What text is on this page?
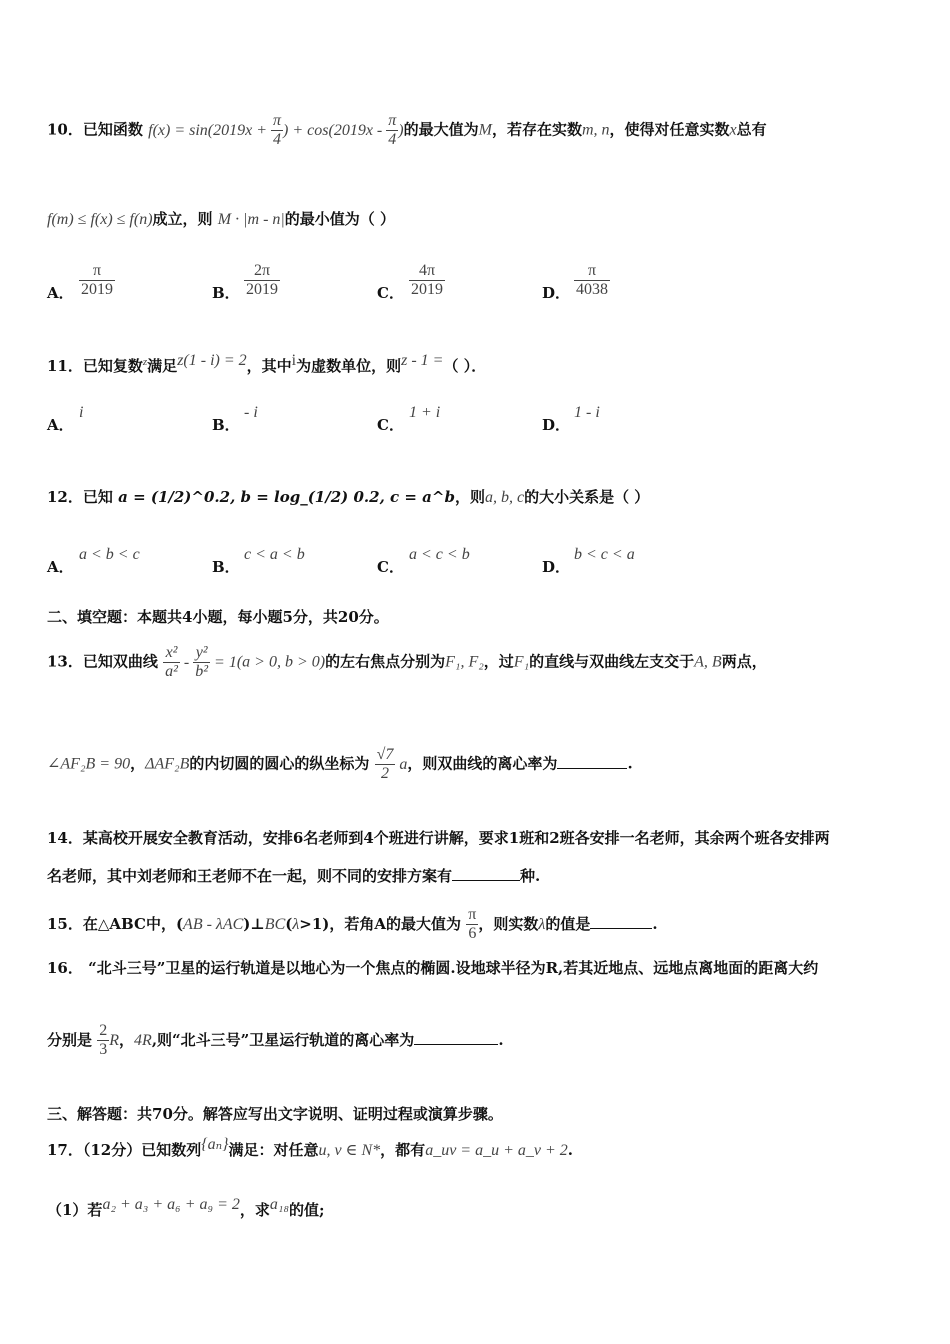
10．已知函数 $f(x) = \sin(2019x + \frac{\pi}{4}$ ) + $\cos(2019x - \frac{\pi}{4}$ )的最大值为M，若存在实数m, n，使得对任意实数x总有
f(m) ≤ f(x) ≤ f(n)成立，则 M · |m - n|的最小值为（ ）
A． $\frac{\pi}{2019}$	B． $\frac{2\pi}{2019}$	C． $\frac{4\pi}{2019}$	D． $\frac{\pi}{4038}$
11．已知复数$^z$满足z(1 - i) = 2，其中i为虚数单位，则z - 1 =（ ）．
A．
i
B．
- i
C．
1 + i
D．
1 - i
12．已知 a = (1/2)^0.2, b = log_(1/2) 0.2, c = a^b，则a, b, c的大小关系是（ ）
A．
a < b < c
B．
c < a < b
C．
a < c < b
D．
b < c < a
二、填空题：本题共4小题，每小题5分，共20分。
13．已知双曲线 $\frac{\text{x²}}{\text{a²}} - \frac{\text{y²}}{\text{b²}} = 1(a > 0$, b > 0)的左右焦点分别为F₁, F₂，过F₁的直线与双曲线左支交于A, B两点，
∠AF₂B = 90，ΔAF₂B的内切圆的圆心的纵坐标为 $\frac{√7}{2}$ a，则双曲线的离心率为	.
14．某高校开展安全教育活动，安排6名老师到4个班进行讲解，要求1班和2班各安排一名老师，其余两个班各安排两
名老师，其中刘老师和王老师不在一起，则不同的安排方案有	种.
15．在△ABC中，(AB - λAC)⊥BC(λ>1)，若角A的最大值为 $\frac{\pi}{6}$ ，则实数λ的值是	.
16． “北斗三号”卫星的运行轨道是以地心为一个焦点的椭圆.设地球半径为R,若其近地点、远地点离地面的距离大约
分别是 $\frac{2}{3}$ R，4R,则“北斗三号”卫星运行轨道的离心率为	.
三、解答题：共70分。解答应写出文字说明、证明过程或演算步骤。
17．（12分）已知数列{aₙ}满足：对任意u, v ∈ N*，都有a_uv = a_u + a_v + 2.
（1）若a₂ + a₃ + a₆ + a₉ = 2，求a₁₈的值;
